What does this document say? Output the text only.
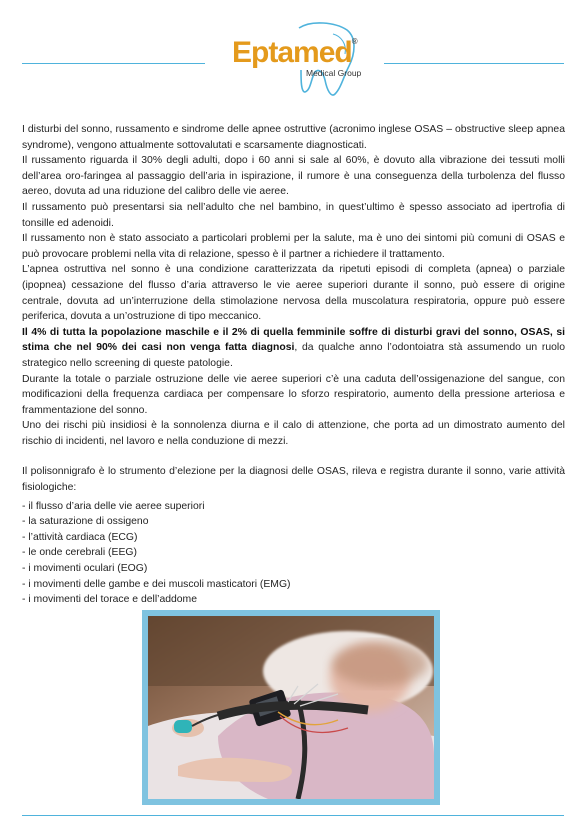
Eptamed®
Medical Group

I disturbi del sonno, russamento e sindrome delle apnee ostruttive (acronimo inglese OSAS – obstructive sleep apnea syndrome), vengono attualmente sottovalutati e scarsamente diagnosticati.

Il russamento riguarda il 30% degli adulti, dopo i 60 anni si sale al 60%, è dovuto alla vibrazione dei tessuti molli dell’area oro-faringea al passaggio dell’aria in ispirazione, il rumore è una conseguenza della turbolenza del flusso aereo, dovuta ad una riduzione del calibro delle vie aeree.

Il russamento può presentarsi sia nell’adulto che nel bambino, in quest’ultimo è spesso associato ad ipertrofia di tonsille ed adenoidi.

Il russamento non è stato associato a particolari problemi per la salute, ma è uno dei sintomi più comuni di OSAS e può provocare problemi nella vita di relazione, spesso è il partner a richiedere il trattamento.

L’apnea ostruttiva nel sonno è una condizione caratterizzata da ripetuti episodi di completa (apnea) o parziale (ipopnea) cessazione del flusso d’aria attraverso le vie aeree superiori durante il sonno, può essere di origine centrale, dovuta ad un’interruzione della stimolazione nervosa della muscolatura respiratoria, oppure può essere periferica, dovuta a un’ostruzione di tipo meccanico.

Il 4% di tutta la popolazione maschile e il 2% di quella femminile soffre di disturbi gravi del sonno, OSAS, si stima che nel 90% dei casi non venga fatta diagnosi, da qualche anno l’odontoiatra stà assumendo un ruolo strategico nello screening di queste patologie.

Durante la totale o parziale ostruzione delle vie aeree superiori c’è una caduta dell’ossigenazione del sangue, con modificazioni della frequenza cardiaca per compensare lo sforzo respiratorio, aumento della pressione arteriosa e frammentazione del sonno.

Uno dei rischi più insidiosi è la sonnolenza diurna e il calo di attenzione, che porta ad un dimostrato aumento del rischio di incidenti, nel lavoro e nella conduzione di mezzi.

Il polisonnigrafo è lo strumento d’elezione per la diagnosi delle OSAS, rileva e registra durante il sonno, varie attività fisiologiche:

- il flusso d’aria delle vie aeree superiori
- la saturazione di ossigeno
- l’attività cardiaca (ECG)
- le onde cerebrali (EEG)
- i movimenti oculari (EOG)
- i movimenti delle gambe e dei muscoli masticatori (EMG)
- i movimenti del torace e dell’addome
